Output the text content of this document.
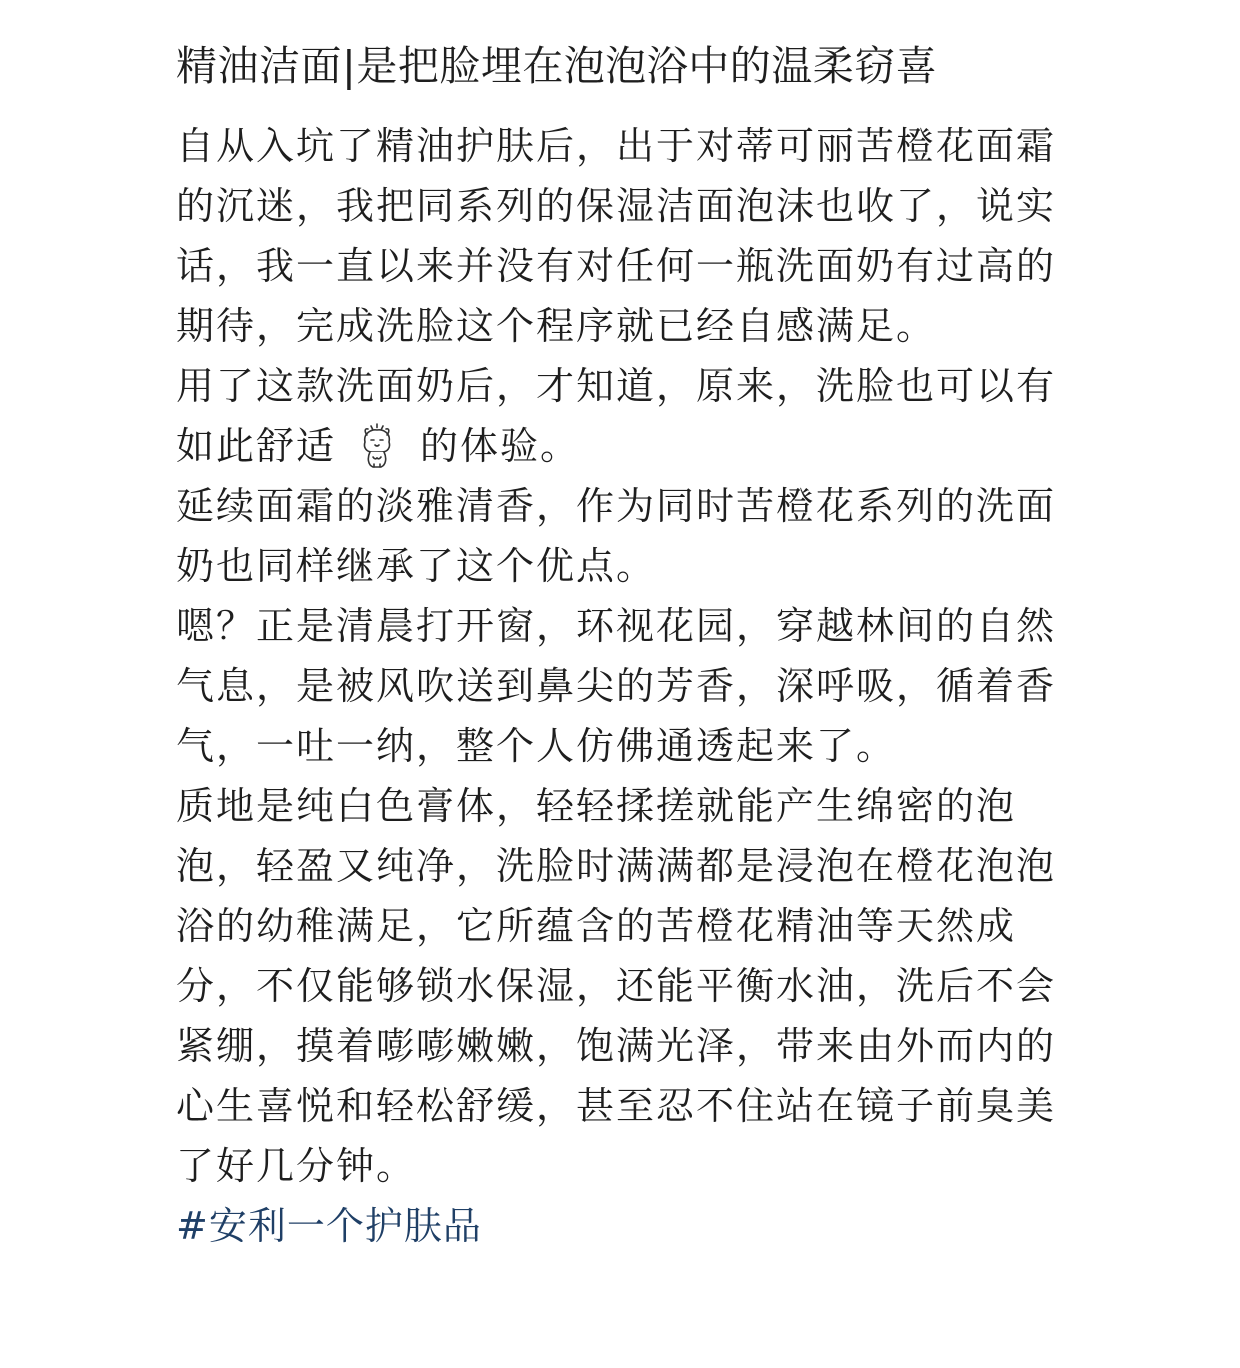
精油洁面|是把脸埋在泡泡浴中的温柔窃喜

自从入坑了精油护肤后，出于对蒂可丽苦橙花面霜的沉迷，我把同系列的保湿洁面泡沫也收了，说实话，我一直以来并没有对任何一瓶洗面奶有过高的期待，完成洗脸这个程序就已经自感满足。

用了这款洗面奶后，才知道，原来，洗脸也可以有如此舒适 的体验。

延续面霜的淡雅清香，作为同时苦橙花系列的洗面奶也同样继承了这个优点。

嗯？正是清晨打开窗，环视花园，穿越林间的自然气息，是被风吹送到鼻尖的芳香，深呼吸，循着香气，一吐一纳，整个人仿佛通透起来了。

质地是纯白色膏体，轻轻揉搓就能产生绵密的泡泡，轻盈又纯净，洗脸时满满都是浸泡在橙花泡泡浴的幼稚满足，它所蕴含的苦橙花精油等天然成分，不仅能够锁水保湿，还能平衡水油，洗后不会紧绷，摸着嘭嘭嫩嫩，饱满光泽，带来由外而内的心生喜悦和轻松舒缓，甚至忍不住站在镜子前臭美了好几分钟。

#安利一个护肤品
